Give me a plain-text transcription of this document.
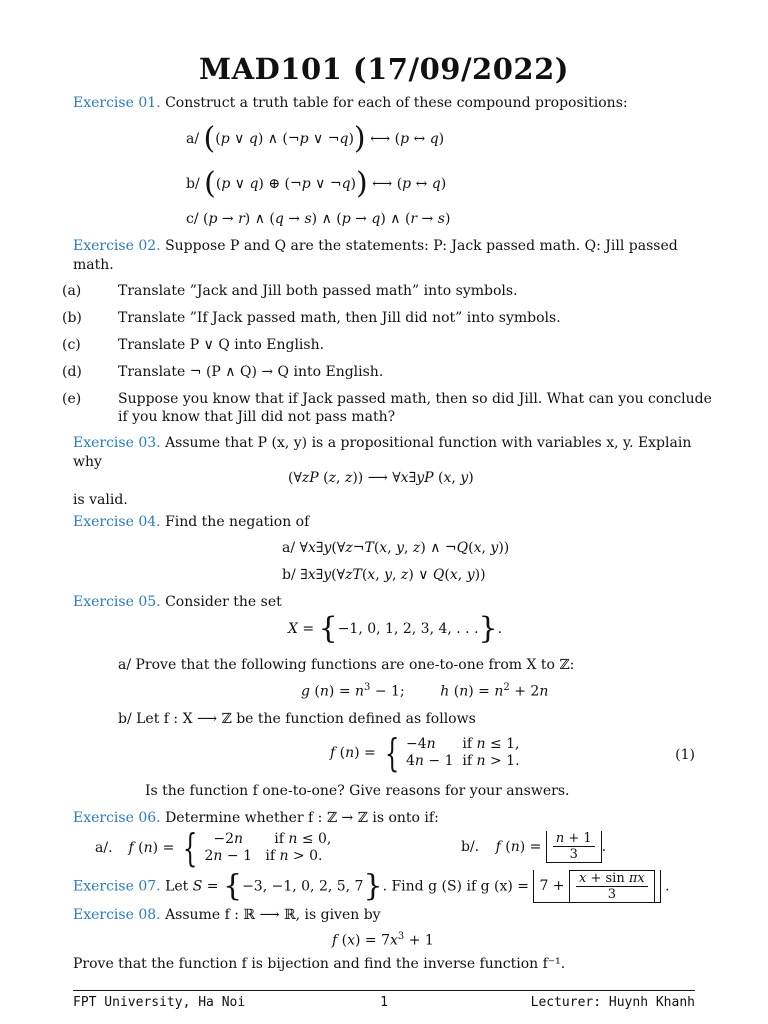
MAD101 (17/09/2022)
Exercise 01. Construct a truth table for each of these compound propositions:
a/ ((p ∨ q) ∧ (¬p ∨ ¬q)) ⟷ (p ↔ q)
b/ ((p ∨ q) ⊕ (¬p ∨ ¬q)) ⟷ (p ↔ q)
c/ (p → r) ∧ (q → s) ∧ (p → q) ∧ (r → s)
Exercise 02. Suppose P and Q are the statements: P: Jack passed math. Q: Jill passed
math.
(a)	Translate ”Jack and Jill both passed math” into symbols.
(b)	Translate ”If Jack passed math, then Jill did not” into symbols.
(c)	Translate P ∨ Q into English.
(d)	Translate ¬ (P ∧ Q) → Q into English.
(e)	Suppose you know that if Jack passed math, then so did Jill. What can you conclude if you know that Jill did not pass math?
Exercise 03. Assume that P (x, y) is a propositional function with variables x, y. Explain
why
(∀zP (z, z)) ⟶ ∀x∃yP (x, y)
is valid.
Exercise 04. Find the negation of
a/ ∀x∃y(∀z¬T(x, y, z) ∧ ¬Q(x, y))
b/ ∃x∃y(∀zT(x, y, z) ∨ Q(x, y))
Exercise 05. Consider the set
X = {−1, 0, 1, 2, 3, 4, . . .}.
a/ Prove that the following functions are one-to-one from X to ℤ:
g $(n) = n^3 - 1$;        h $(n) = n^2 + 2n$
b/ Let f : X ⟶ ℤ be the function defined as follows
f (n) = { −4n      if n ≤ 1,
4n − 1  if n > 1.	(1)
Is the function f one-to-one? Give reasons for your answers.
Exercise 06. Determine whether f : ℤ → ℤ is onto if:
a/. f (n) = { −2n       if n ≤ 0,
2n − 1   if n > 0.
b/. f $(n) = \frac{n + 1}{3}$ .
Exercise 07. Let S = {−3, −1, 0, 2, 5, 7}. Find g (S) if g $(x) = 7 + \frac{\text{x + sin πx}}{3}$ .
Exercise 08. Assume f : ℝ ⟶ ℝ, is given by
f $(x) = 7x^3 + 1$
Prove that the function f is bijection and find the inverse function f⁻¹.
FPT University, Ha Noi	1	Lecturer: Huynh Khanh
